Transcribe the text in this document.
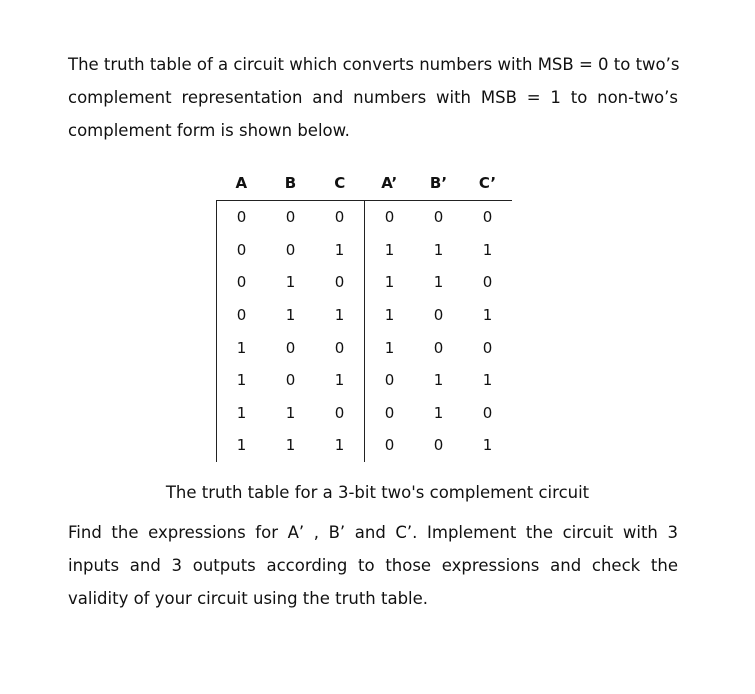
The truth table of a circuit which converts numbers with MSB = 0 to two’s
complement representation and numbers with MSB = 1 to non-two’s
complement form is shown below.
A	B	C	A’	B’	C’
0	0	0	0	0	0
0	0	1	1	1	1
0	1	0	1	1	0
0	1	1	1	0	1
1	0	0	1	0	0
1	0	1	0	1	1
1	1	0	0	1	0
1	1	1	0	0	1
The truth table for a 3-bit two's complement circuit
Find the expressions for A’ , B’ and C’. Implement the circuit with 3
inputs and 3 outputs according to those expressions and check the
validity of your circuit using the truth table.
